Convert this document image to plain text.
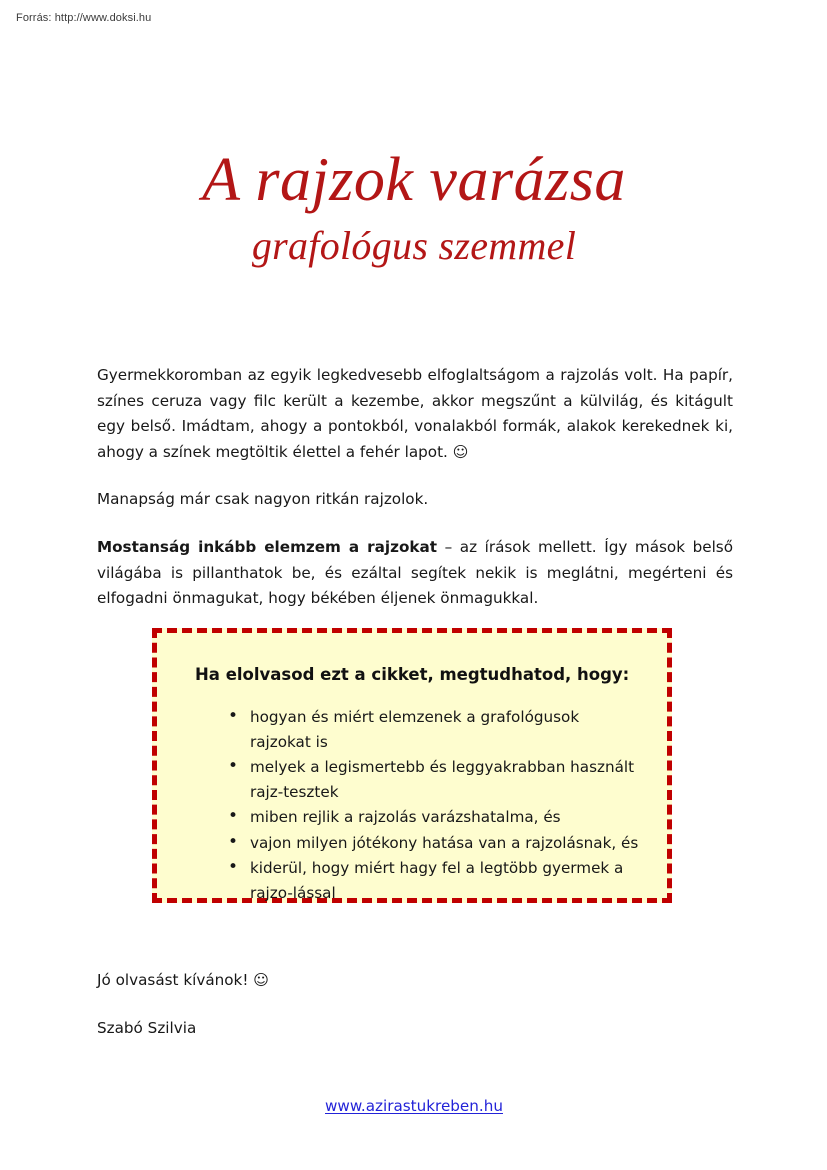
Forrás: http://www.doksi.hu
A rajzok varázsa
grafológus szemmel

Gyermekkoromban az egyik legkedvesebb elfoglaltságom a rajzolás volt. Ha papír, színes ceruza vagy filc került a kezembe, akkor megszűnt a külvilág, és kitágult egy belső. Imádtam, ahogy a pontokból, vonalakból formák, alakok kerekednek ki, ahogy a színek megtöltik élettel a fehér lapot. ☺

Manapság már csak nagyon ritkán rajzolok.

Mostanság inkább elemzem a rajzokat – az írások mellett. Így mások belső világába is pillanthatok be, és ezáltal segítek nekik is meglátni, megérteni és elfogadni önmagukat, hogy békében éljenek önmagukkal.

Jó olvasást kívánok! ☺

Szabó Szilvia

www.azirastukreben.hu
Ha elolvasod ezt a cikket, megtudhatod, hogy:
• hogyan és miért elemzenek a grafológusok rajzokat is
• melyek a legismertebb és leggyakrabban használt rajz-tesztek
• miben rejlik a rajzolás varázshatalma, és
• vajon milyen jótékony hatása van a rajzolásnak, és
• kiderül, hogy miért hagy fel a legtöbb gyermek a rajzo-lással
